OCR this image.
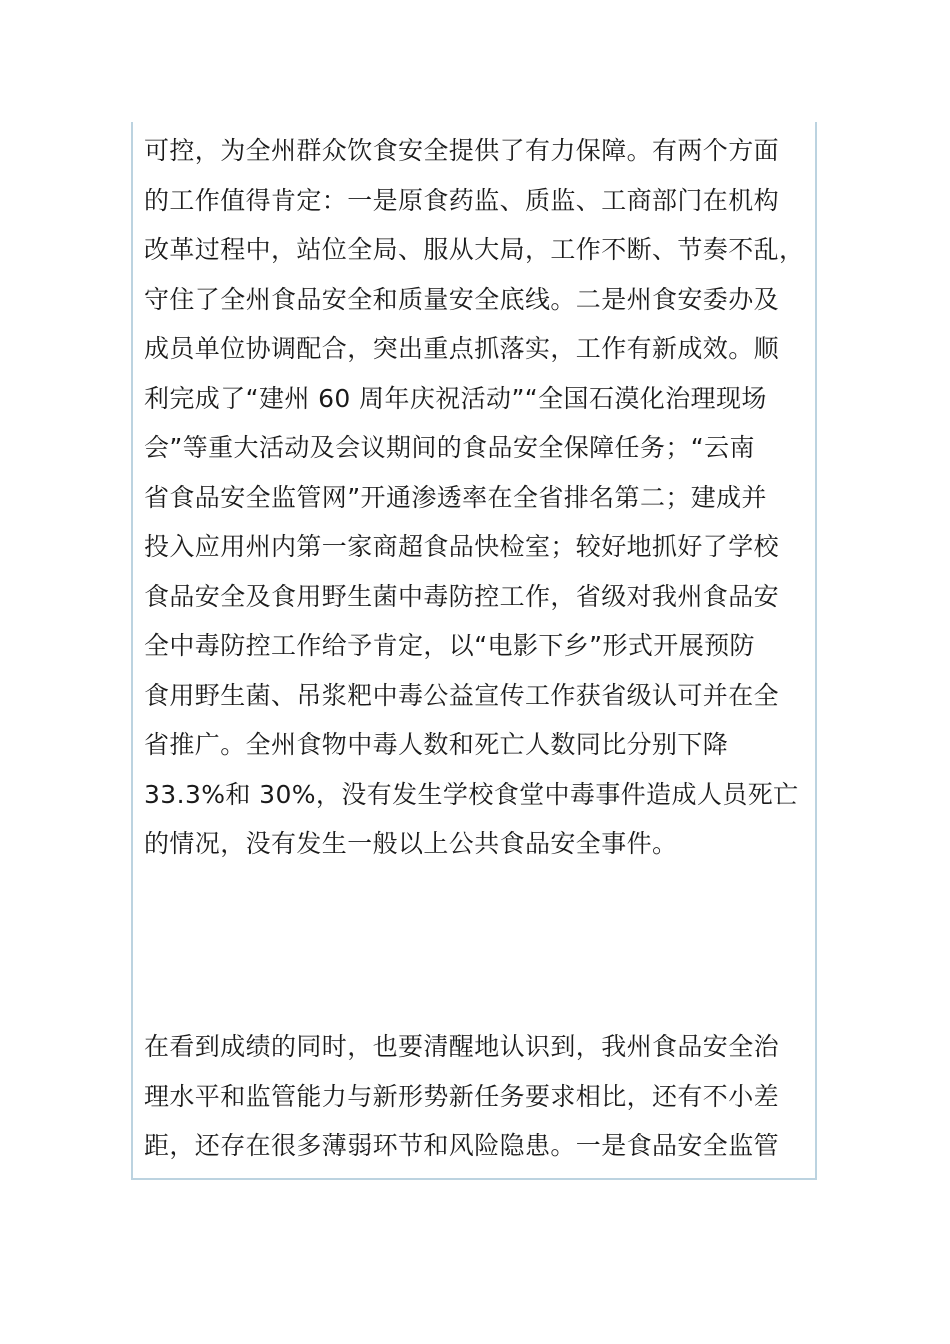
可控，为全州群众饮食安全提供了有力保障。有两个方面
的工作值得肯定：一是原食药监、质监、工商部门在机构
改革过程中，站位全局、服从大局，工作不断、节奏不乱，
守住了全州食品安全和质量安全底线。二是州食安委办及
成员单位协调配合，突出重点抓落实，工作有新成效。顺
利完成了“建州 60 周年庆祝活动”“全国石漠化治理现场
会”等重大活动及会议期间的食品安全保障任务；“云南
省食品安全监管网”开通渗透率在全省排名第二；建成并
投入应用州内第一家商超食品快检室；较好地抓好了学校
食品安全及食用野生菌中毒防控工作，省级对我州食品安
全中毒防控工作给予肯定，以“电影下乡”形式开展预防
食用野生菌、吊浆粑中毒公益宣传工作获省级认可并在全
省推广。全州食物中毒人数和死亡人数同比分别下降
33.3%和 30%，没有发生学校食堂中毒事件造成人员死亡
的情况，没有发生一般以上公共食品安全事件。
在看到成绩的同时，也要清醒地认识到，我州食品安全治
理水平和监管能力与新形势新任务要求相比，还有不小差
距，还存在很多薄弱环节和风险隐患。一是食品安全监管
